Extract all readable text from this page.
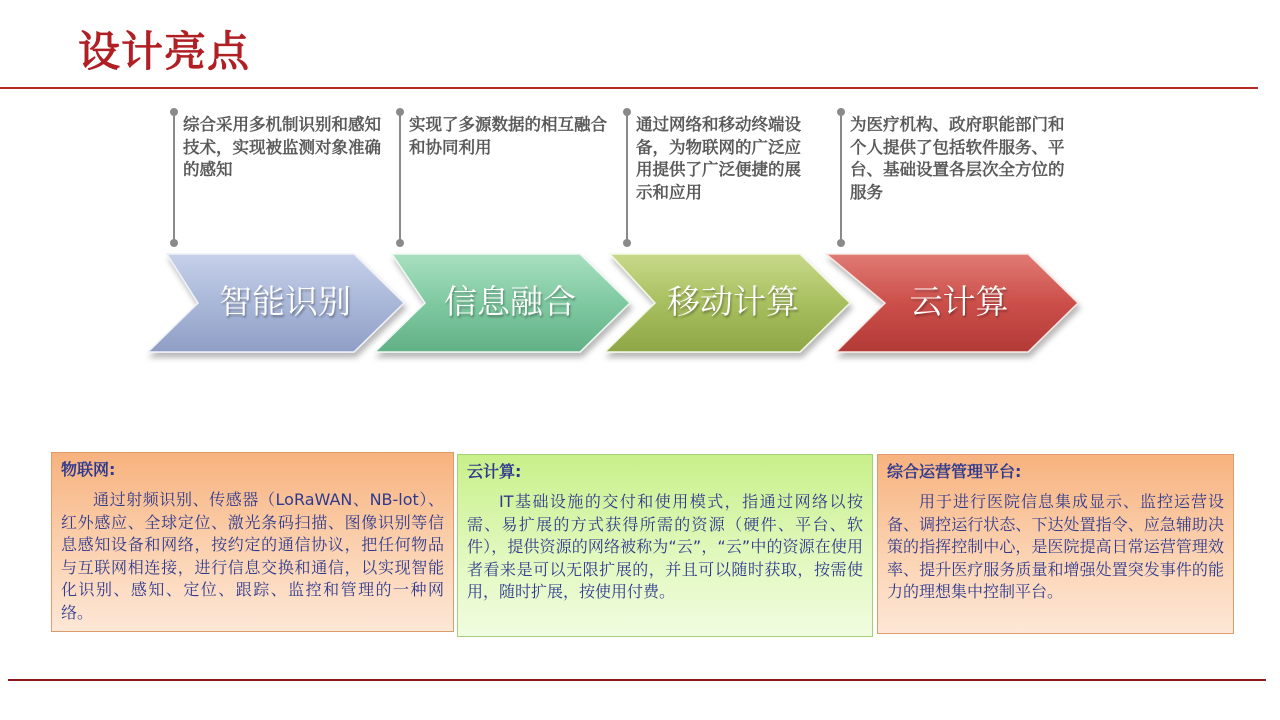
设计亮点
综合采用多机制识别和感知技术，实现被监测对象准确的感知
实现了多源数据的相互融合和协同利用
通过网络和移动终端设备，为物联网的广泛应用提供了广泛便捷的展示和应用
为医疗机构、政府职能部门和个人提供了包括软件服务、平台、基础设置各层次全方位的服务
智能识别	信息融合	移动计算	云计算
物联网:
通过射频识别、传感器（LoRaWAN、NB-lot）、红外感应、全球定位、激光条码扫描、图像识别等信息感知设备和网络，按约定的通信协议，把任何物品与互联网相连接，进行信息交换和通信，以实现智能化识别、感知、定位、跟踪、监控和管理的一种网络。
云计算:
IT基础设施的交付和使用模式，指通过网络以按需、易扩展的方式获得所需的资源（硬件、平台、软件），提供资源的网络被称为“云”，“云”中的资源在使用者看来是可以无限扩展的，并且可以随时获取，按需使用，随时扩展，按使用付费。
综合运营管理平台:
用于进行医院信息集成显示、监控运营设备、调控运行状态、下达处置指令、应急辅助决策的指挥控制中心，是医院提高日常运营管理效率、提升医疗服务质量和增强处置突发事件的能力的理想集中控制平台。
